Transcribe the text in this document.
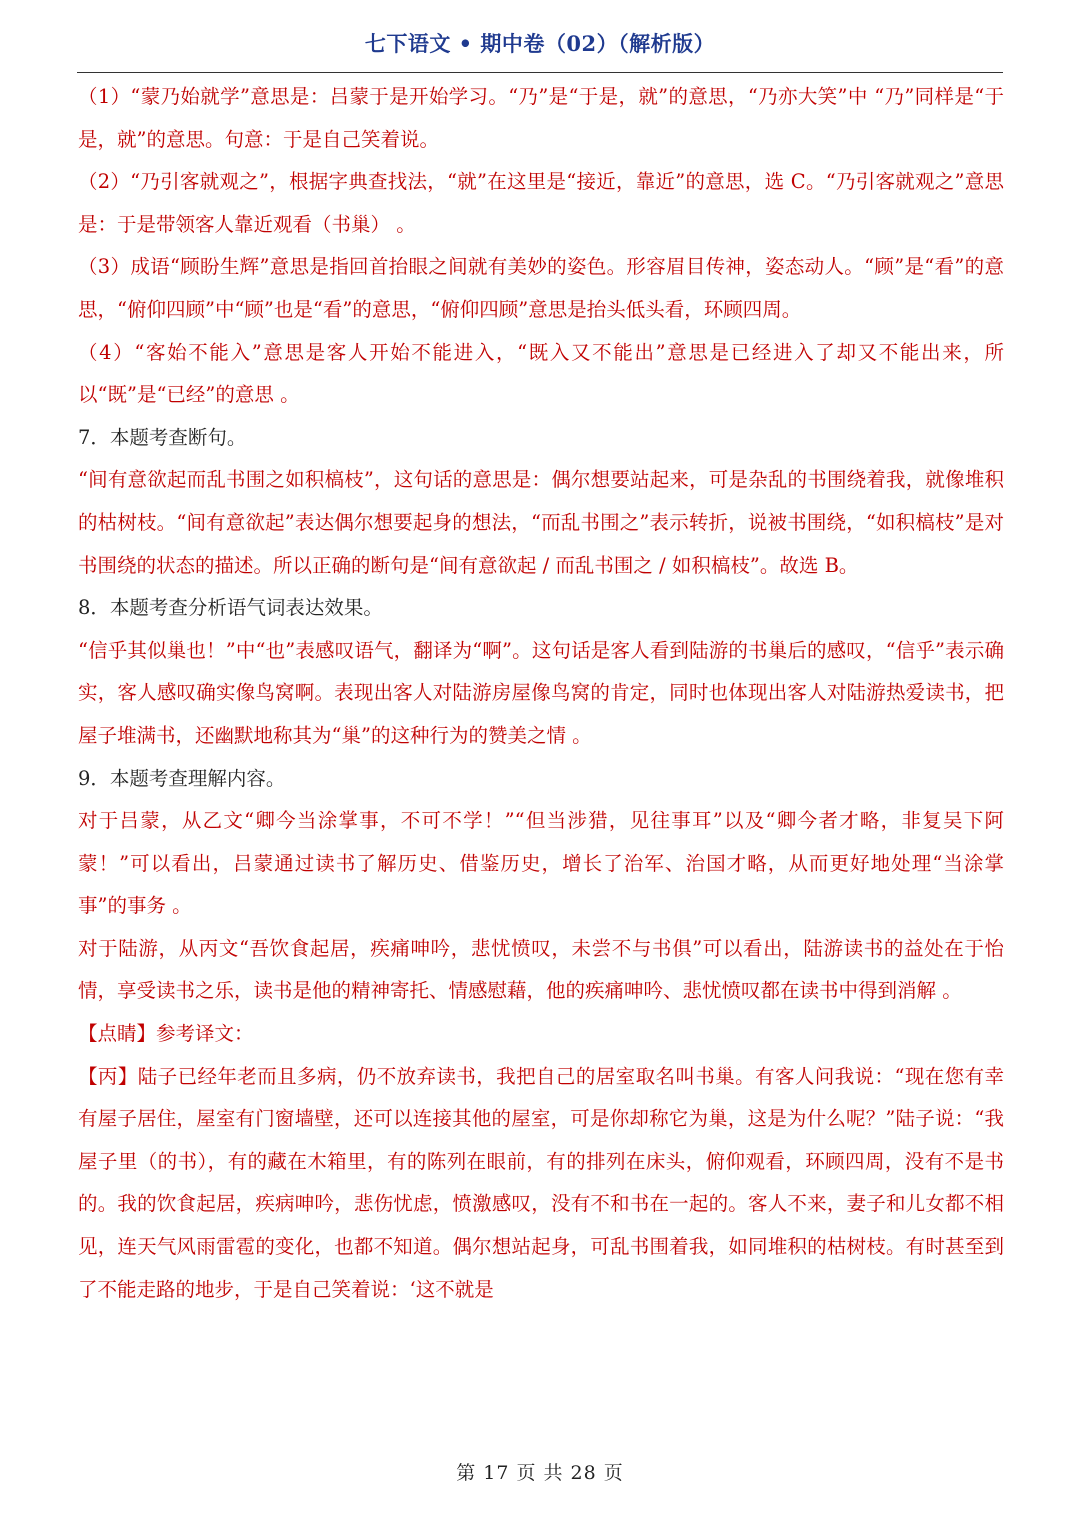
七下语文 • 期中卷（02）（解析版）

（1）“蒙乃始就学”意思是：吕蒙于是开始学习。“乃”是“于是，就”的意思，“乃亦大笑”中 “乃”同样是“于是，就”的意思。句意：于是自己笑着说。

（2）“乃引客就观之”，根据字典查找法，“就”在这里是“接近，靠近”的意思，选 C。“乃引客就观之”意思是：于是带领客人靠近观看（书巢） 。

（3）成语“顾盼生辉”意思是指回首抬眼之间就有美妙的姿色。形容眉目传神，姿态动人。“顾”是“看”的意思，“俯仰四顾”中“顾”也是“看”的意思，“俯仰四顾”意思是抬头低头看，环顾四周。

（4）“客始不能入”意思是客人开始不能进入，“既入又不能出”意思是已经进入了却又不能出来，所以“既”是“已经”的意思 。

7．本题考查断句。

“间有意欲起而乱书围之如积槁枝”，这句话的意思是：偶尔想要站起来，可是杂乱的书围绕着我，就像堆积的枯树枝。“间有意欲起”表达偶尔想要起身的想法，“而乱书围之”表示转折，说被书围绕，“如积槁枝”是对书围绕的状态的描述。所以正确的断句是“间有意欲起 / 而乱书围之 / 如积槁枝”。故选 B。

8．本题考查分析语气词表达效果。

“信乎其似巢也！”中“也”表感叹语气，翻译为“啊”。这句话是客人看到陆游的书巢后的感叹，“信乎”表示确实，客人感叹确实像鸟窝啊。表现出客人对陆游房屋像鸟窝的肯定，同时也体现出客人对陆游热爱读书，把屋子堆满书，还幽默地称其为“巢”的这种行为的赞美之情 。

9．本题考查理解内容。

对于吕蒙，从乙文“卿今当涂掌事，不可不学！”“但当涉猎，见往事耳”以及“卿今者才略，非复吴下阿蒙！”可以看出，吕蒙通过读书了解历史、借鉴历史，增长了治军、治国才略，从而更好地处理“当涂掌事”的事务 。

对于陆游，从丙文“吾饮食起居，疾痛呻吟，悲忧愤叹，未尝不与书俱”可以看出，陆游读书的益处在于怡情，享受读书之乐，读书是他的精神寄托、情感慰藉，他的疾痛呻吟、悲忧愤叹都在读书中得到消解 。

【点睛】参考译文：

【丙】陆子已经年老而且多病，仍不放弃读书，我把自己的居室取名叫书巢。有客人问我说：“现在您有幸有屋子居住，屋室有门窗墙壁，还可以连接其他的屋室，可是你却称它为巢，这是为什么呢？”陆子说：“我屋子里（的书），有的藏在木箱里，有的陈列在眼前，有的排列在床头，俯仰观看，环顾四周，没有不是书的。我的饮食起居，疾病呻吟，悲伤忧虑，愤激感叹，没有不和书在一起的。客人不来，妻子和儿女都不相见，连天气风雨雷雹的变化，也都不知道。偶尔想站起身，可乱书围着我，如同堆积的枯树枝。有时甚至到了不能走路的地步，于是自己笑着说：‘这不就是

第 17 页 共 28 页
